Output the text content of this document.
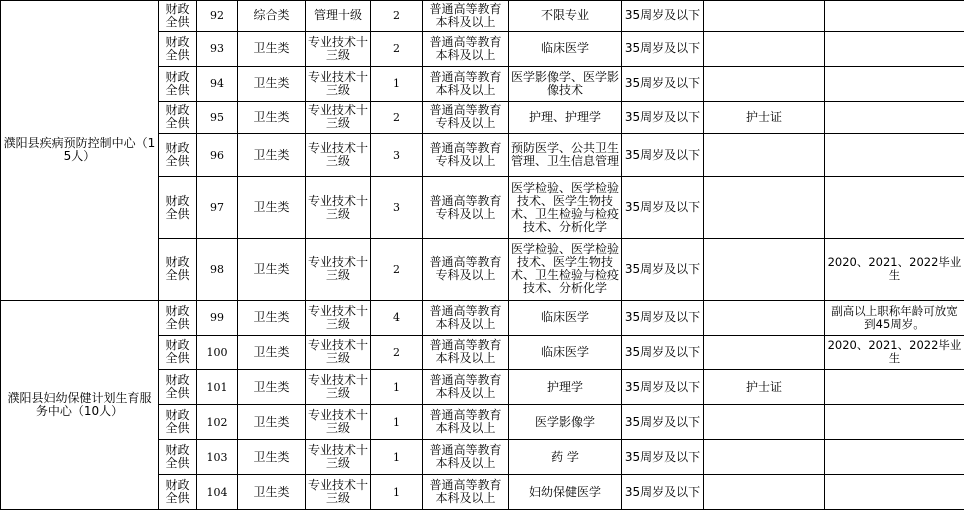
濮阳县疾病预防控制中心（15人）	财政全供	92	综合类	管理十级	2	普通高等教育本科及以上	不限专业	35周岁及以下		
	财政全供	93	卫生类	专业技术十三级	2	普通高等教育本科及以上	临床医学	35周岁及以下		
	财政全供	94	卫生类	专业技术十三级	1	普通高等教育本科及以上	医学影像学、医学影像技术	35周岁及以下		
	财政全供	95	卫生类	专业技术十三级	2	普通高等教育专科及以上	护理、护理学	35周岁及以下	护士证	
	财政全供	96	卫生类	专业技术十三级	3	普通高等教育专科及以上	预防医学、公共卫生管理、卫生信息管理	35周岁及以下		
	财政全供	97	卫生类	专业技术十三级	3	普通高等教育专科及以上	医学检验、医学检验技术、医学生物技术、卫生检验与检疫技术、分析化学	35周岁及以下		
	财政全供	98	卫生类	专业技术十三级	2	普通高等教育专科及以上	医学检验、医学检验技术、医学生物技术、卫生检验与检疫技术、分析化学	35周岁及以下		2020、2021、2022毕业生
濮阳县妇幼保健计划生育服务中心（10人）	财政全供	99	卫生类	专业技术十三级	4	普通高等教育本科及以上	临床医学	35周岁及以下		副高以上职称年龄可放宽到45周岁。
	财政全供	100	卫生类	专业技术十三级	2	普通高等教育本科及以上	临床医学	35周岁及以下		2020、2021、2022毕业生
	财政全供	101	卫生类	专业技术十三级	1	普通高等教育本科及以上	护理学	35周岁及以下	护士证	
	财政全供	102	卫生类	专业技术十三级	1	普通高等教育本科及以上	医学影像学	35周岁及以下		
	财政全供	103	卫生类	专业技术十三级	1	普通高等教育本科及以上	药 学	35周岁及以下		
	财政全供	104	卫生类	专业技术十三级	1	普通高等教育本科及以上	妇幼保健医学	35周岁及以下		
